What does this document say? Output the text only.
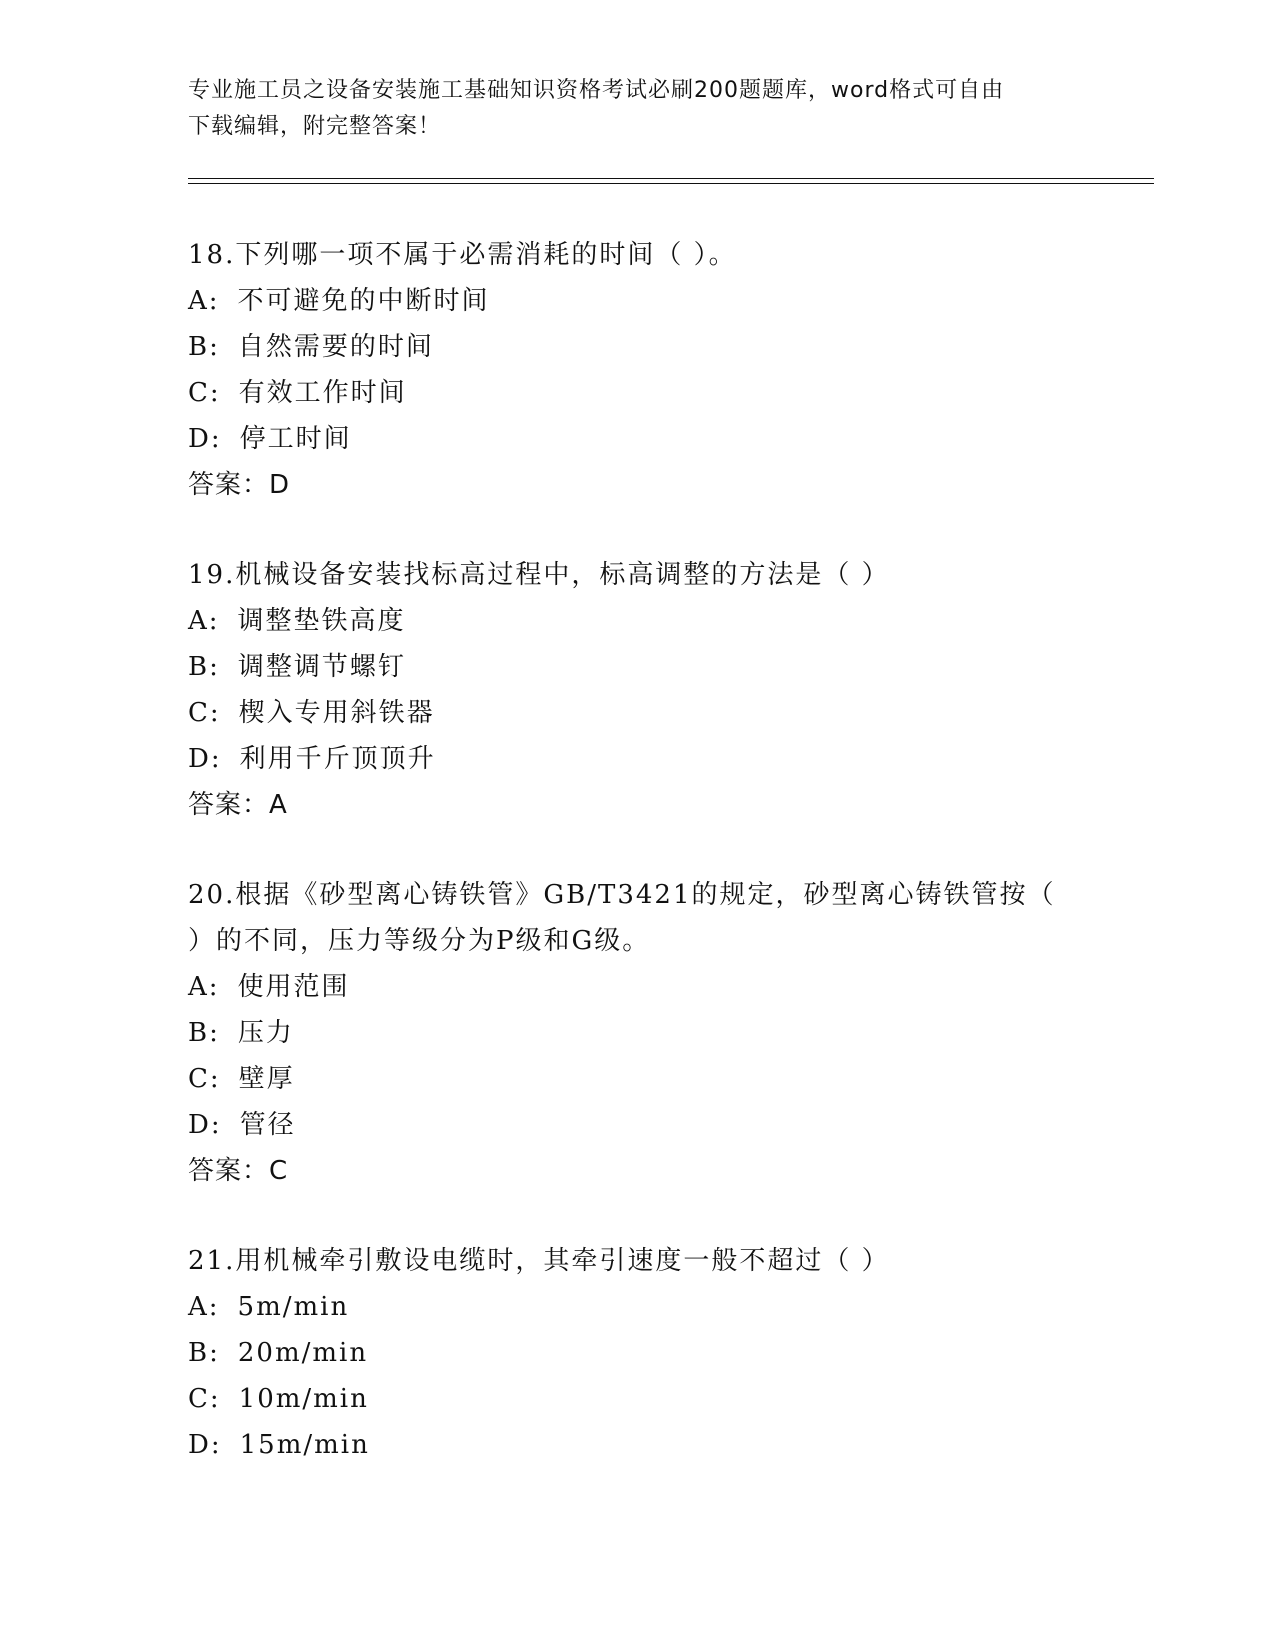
专业施工员之设备安装施工基础知识资格考试必刷200题题库，word格式可自由
下载编辑，附完整答案！
18.下列哪一项不属于必需消耗的时间（ ）。
A: 不可避免的中断时间
B: 自然需要的时间
C: 有效工作时间
D: 停工时间
答案：D
19.机械设备安装找标高过程中，标高调整的方法是（ ）
A: 调整垫铁高度
B: 调整调节螺钉
C: 楔入专用斜铁器
D: 利用千斤顶顶升
答案：A
20.根据《砂型离心铸铁管》GB/T3421的规定，砂型离心铸铁管按（
）的不同，压力等级分为P级和G级。
A: 使用范围
B: 压力
C: 壁厚
D: 管径
答案：C
21.用机械牵引敷设电缆时，其牵引速度一般不超过（ ）
A: 5m/min
B: 20m/min
C: 10m/min
D: 15m/min
